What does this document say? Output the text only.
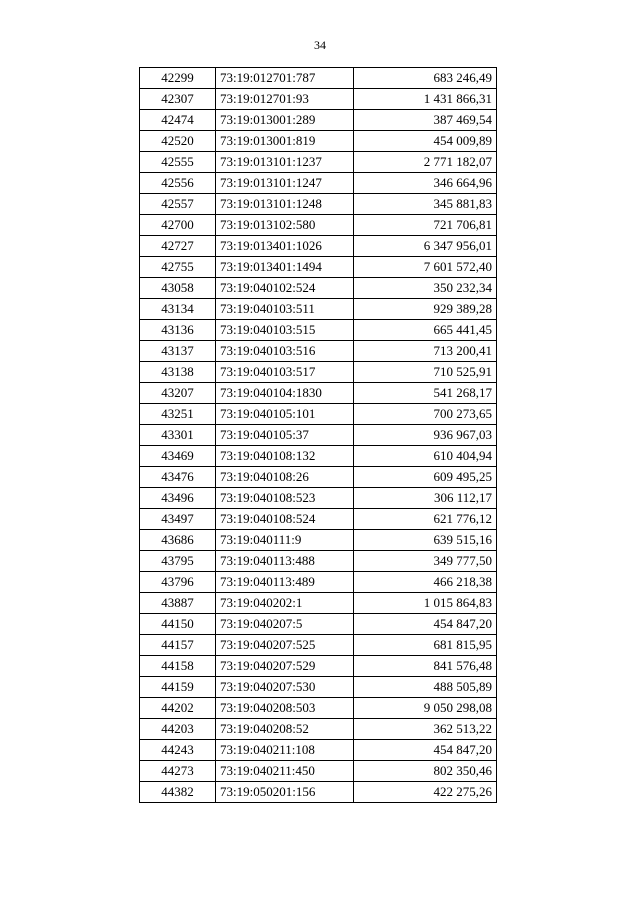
34
42299	73:19:012701:787	683 246,49
42307	73:19:012701:93	1 431 866,31
42474	73:19:013001:289	387 469,54
42520	73:19:013001:819	454 009,89
42555	73:19:013101:1237	2 771 182,07
42556	73:19:013101:1247	346 664,96
42557	73:19:013101:1248	345 881,83
42700	73:19:013102:580	721 706,81
42727	73:19:013401:1026	6 347 956,01
42755	73:19:013401:1494	7 601 572,40
43058	73:19:040102:524	350 232,34
43134	73:19:040103:511	929 389,28
43136	73:19:040103:515	665 441,45
43137	73:19:040103:516	713 200,41
43138	73:19:040103:517	710 525,91
43207	73:19:040104:1830	541 268,17
43251	73:19:040105:101	700 273,65
43301	73:19:040105:37	936 967,03
43469	73:19:040108:132	610 404,94
43476	73:19:040108:26	609 495,25
43496	73:19:040108:523	306 112,17
43497	73:19:040108:524	621 776,12
43686	73:19:040111:9	639 515,16
43795	73:19:040113:488	349 777,50
43796	73:19:040113:489	466 218,38
43887	73:19:040202:1	1 015 864,83
44150	73:19:040207:5	454 847,20
44157	73:19:040207:525	681 815,95
44158	73:19:040207:529	841 576,48
44159	73:19:040207:530	488 505,89
44202	73:19:040208:503	9 050 298,08
44203	73:19:040208:52	362 513,22
44243	73:19:040211:108	454 847,20
44273	73:19:040211:450	802 350,46
44382	73:19:050201:156	422 275,26
